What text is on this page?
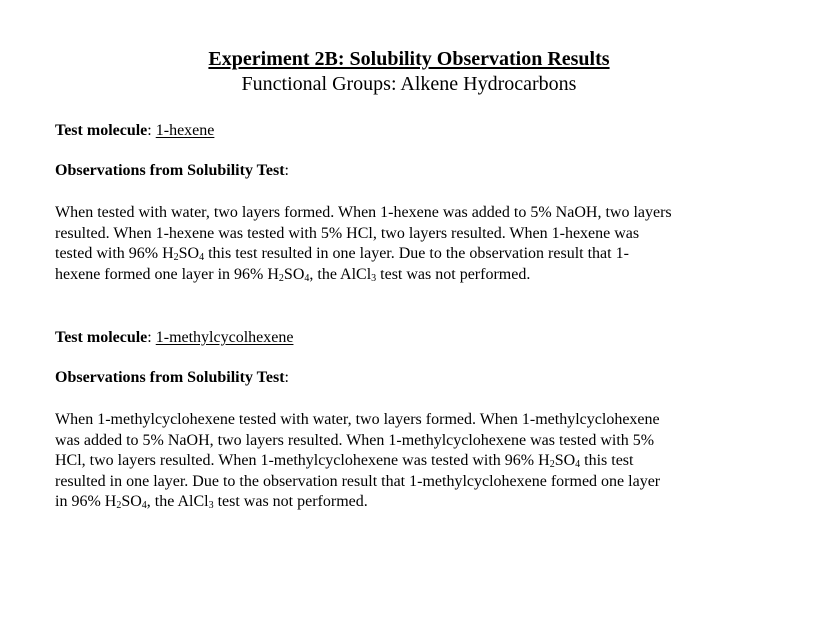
Experiment 2B: Solubility Observation Results
Functional Groups: Alkene Hydrocarbons
Test molecule: 1-hexene
Observations from Solubility Test:
When tested with water, two layers formed. When 1-hexene was added to 5% NaOH, two layers
resulted. When 1-hexene was tested with 5% HCl, two layers resulted. When 1-hexene was
tested with 96% $H_2SO_4$ this test resulted in one layer. Due to the observation result that 1-
hexene formed one layer in 96% $H_2SO_4$, the AlCl$_3$ test was not performed.
Test molecule: 1-methylcycolhexene
Observations from Solubility Test:
When 1-methylcyclohexene tested with water, two layers formed. When 1-methylcyclohexene
was added to 5% NaOH, two layers resulted. When 1-methylcyclohexene was tested with 5%
HCl, two layers resulted. When 1-methylcyclohexene was tested with 96% $H_2SO_4$ this test
resulted in one layer. Due to the observation result that 1-methylcyclohexene formed one layer
in 96% $H_2SO_4$, the AlCl$_3$ test was not performed.
